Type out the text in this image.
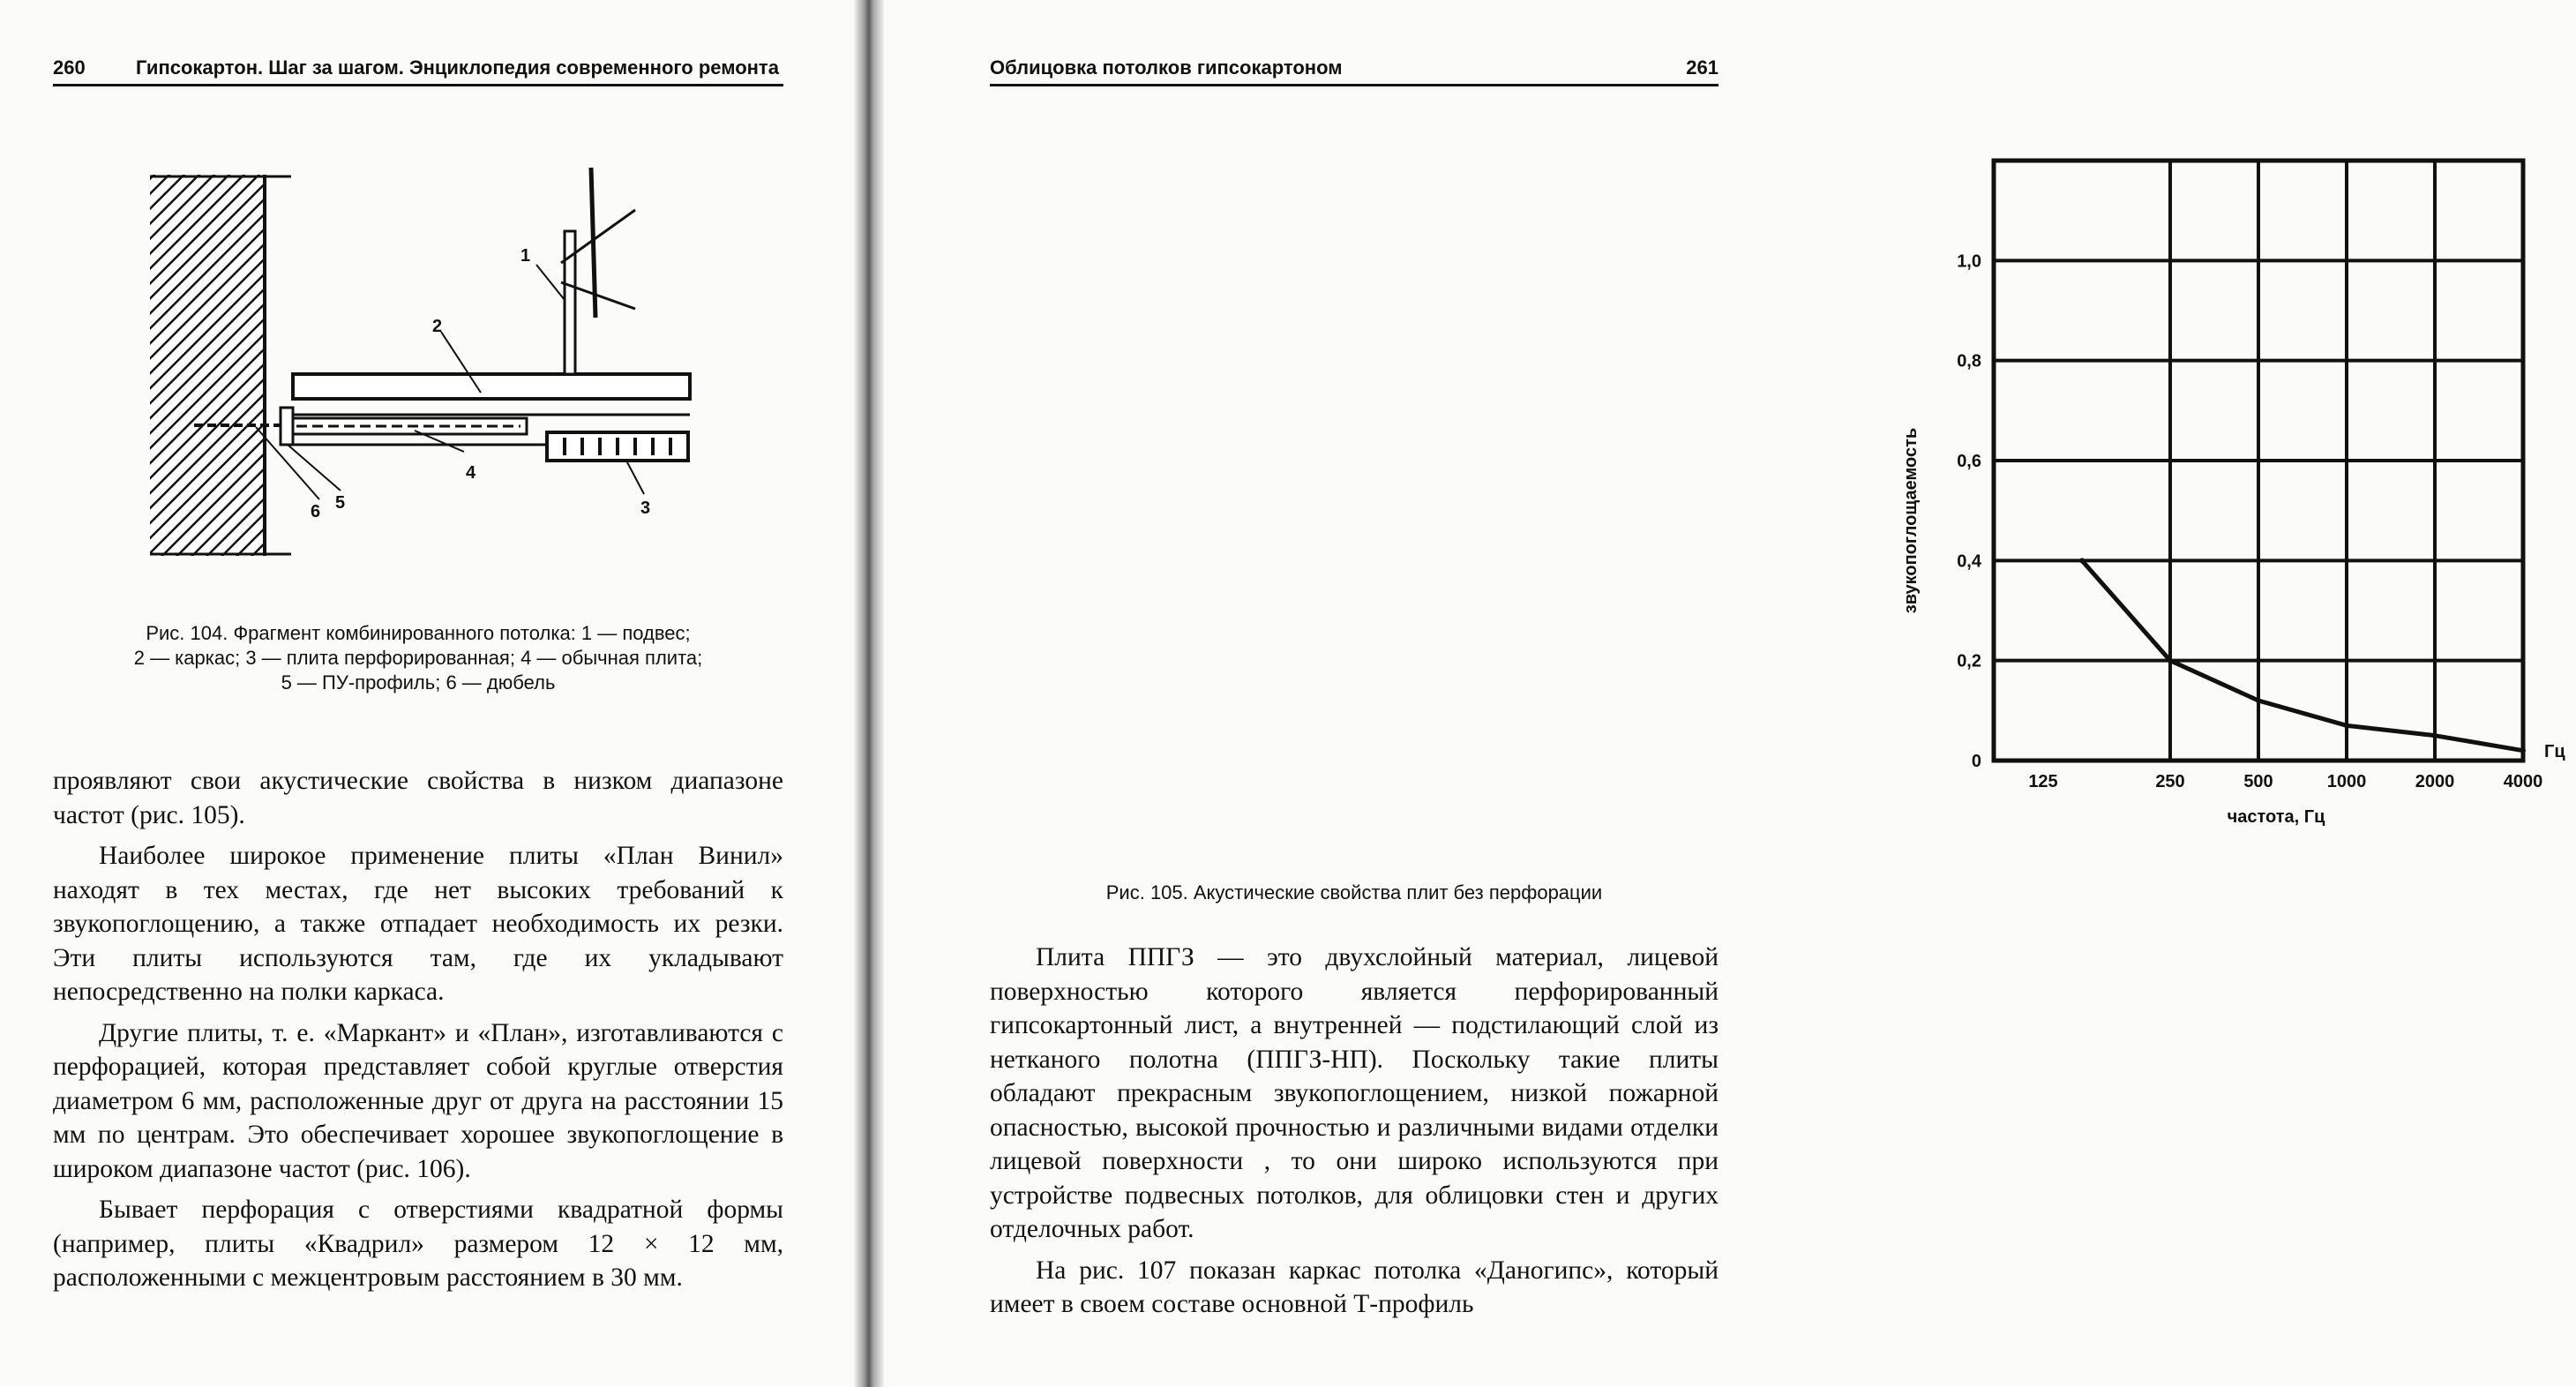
260	Гипсокартон. Шаг за шагом. Энциклопедия современного ремонта
1
2
3
4
5
6
Рис. 104. Фрагмент комбинированного потолка: 1 — подвес;
2 — каркас; 3 — плита перфорированная; 4 — обычная плита;
5 — ПУ-профиль; 6 — дюбель

проявляют свои акустические свойства в низком диапазоне частот (рис. 105).

Наиболее широкое применение плиты «План Винил» находят в тех местах, где нет высоких требований к звукопоглощению, а также отпадает необходимость их резки. Эти плиты используются там, где их укладывают непосредственно на полки каркаса.

Другие плиты, т. е. «Маркант» и «План», изготавливаются с перфорацией, которая представляет собой круглые отверстия диаметром 6 мм, расположенные друг от друга на расстоянии 15 мм по центрам. Это обеспечивает хорошее звукопоглощение в широком диапазоне частот (рис. 106).

Бывает перфорация с отверстиями квадратной формы (например, плиты «Квадрил» размером 12 × 12 мм, расположенными с межцентровым расстоянием в 30 мм.

Облицовка потолков гипсокартоном	261
0
0,2
0,4
0,6
0,8
1,0
125	250	500	1000	2000	4000
Гц
частота, Гц
звукопоглощаемость
Рис. 105. Акустические свойства плит без перфорации

Плита ППГЗ — это двухслойный материал, лицевой поверхностью которого является перфорированный гипсокартонный лист, а внутренней — подстилающий слой из нетканого полотна (ППГЗ-НП). Поскольку такие плиты обладают прекрасным звукопоглощением, низкой пожарной опасностью, высокой прочностью и различными видами отделки лицевой поверхности , то они широко используются при устройстве подвесных потолков, для облицовки стен и других отделочных работ.

На рис. 107 показан каркас потолка «Даногипс», который имеет в своем составе основной Т-профиль
